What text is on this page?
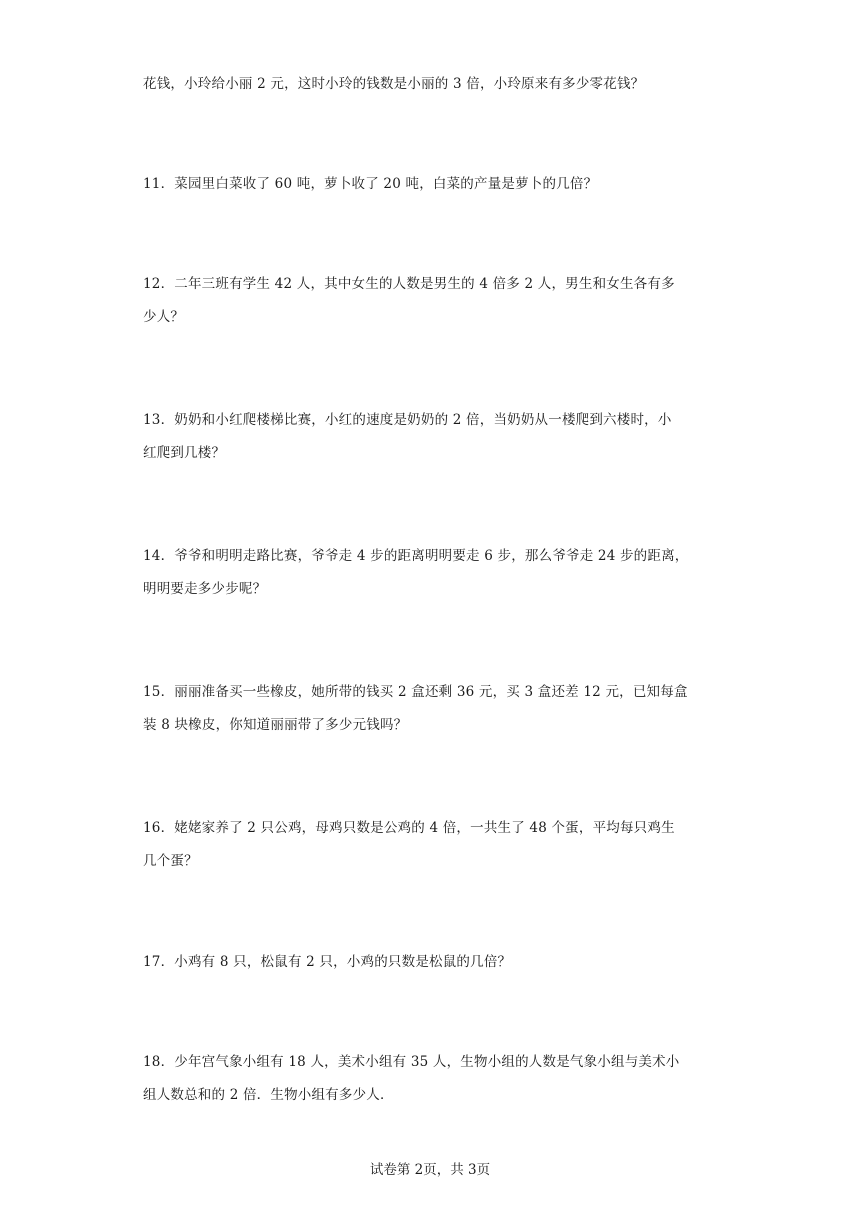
花钱，小玲给小丽 2 元，这时小玲的钱数是小丽的 3 倍，小玲原来有多少零花钱？
11．菜园里白菜收了 60 吨，萝卜收了 20 吨，白菜的产量是萝卜的几倍？
12．二年三班有学生 42 人，其中女生的人数是男生的 4 倍多 2 人，男生和女生各有多
少人？
13．奶奶和小红爬楼梯比赛，小红的速度是奶奶的 2 倍，当奶奶从一楼爬到六楼时，小
红爬到几楼？
14．爷爷和明明走路比赛，爷爷走 4 步的距离明明要走 6 步，那么爷爷走 24 步的距离，
明明要走多少步呢？
15．丽丽准备买一些橡皮，她所带的钱买 2 盒还剩 36 元，买 3 盒还差 12 元，已知每盒
装 8 块橡皮，你知道丽丽带了多少元钱吗？
16．姥姥家养了 2 只公鸡，母鸡只数是公鸡的 4 倍，一共生了 48 个蛋，平均每只鸡生
几个蛋？
17．小鸡有 8 只，松鼠有 2 只，小鸡的只数是松鼠的几倍？
18．少年宫气象小组有 18 人，美术小组有 35 人，生物小组的人数是气象小组与美术小
组人数总和的 2 倍．生物小组有多少人．
试卷第 2页，共 3页
